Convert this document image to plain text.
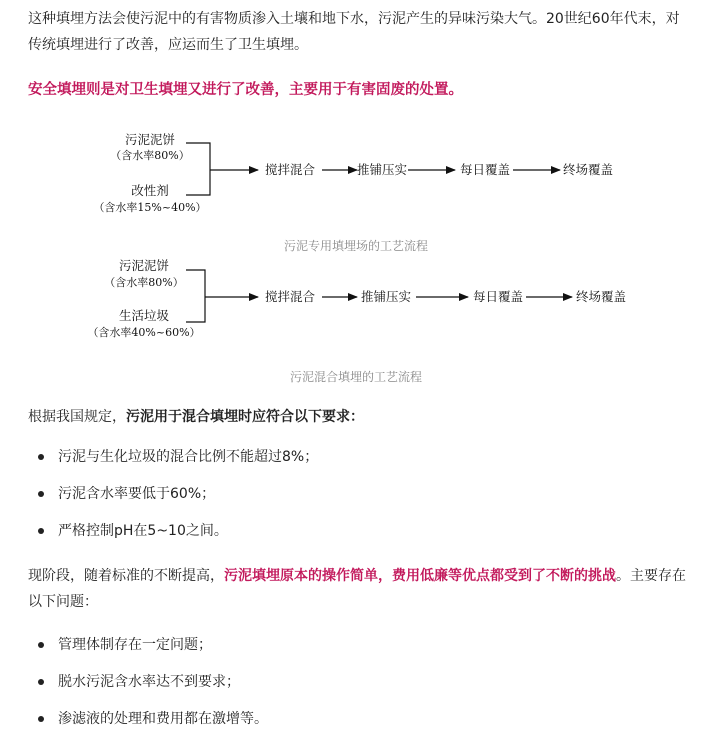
这种填埋方法会使污泥中的有害物质渗入土壤和地下水，污泥产生的异味污染大气。20世纪60年代末，对传统填埋进行了改善，应运而生了卫生填埋。

安全填埋则是对卫生填埋又进行了改善，主要用于有害固废的处置。
污泥泥饼
（含水率80%）
改性剂
（含水率15%~40%）
搅拌混合	推铺压实	每日覆盖	终场覆盖
污泥专用填埋场的工艺流程
污泥泥饼
（含水率80%）
生活垃圾
（含水率40%~60%）
搅拌混合	推铺压实	每日覆盖	终场覆盖
污泥混合填埋的工艺流程
根据我国规定，污泥用于混合填埋时应符合以下要求：
污泥与生化垃圾的混合比例不能超过8%；
污泥含水率要低于60%；
严格控制pH在5~10之间。

现阶段，随着标准的不断提高，污泥填埋原本的操作简单，费用低廉等优点都受到了不断的挑战。主要存在以下问题：

管理体制存在一定问题；
脱水污泥含水率达不到要求；
渗滤液的处理和费用都在激增等。
